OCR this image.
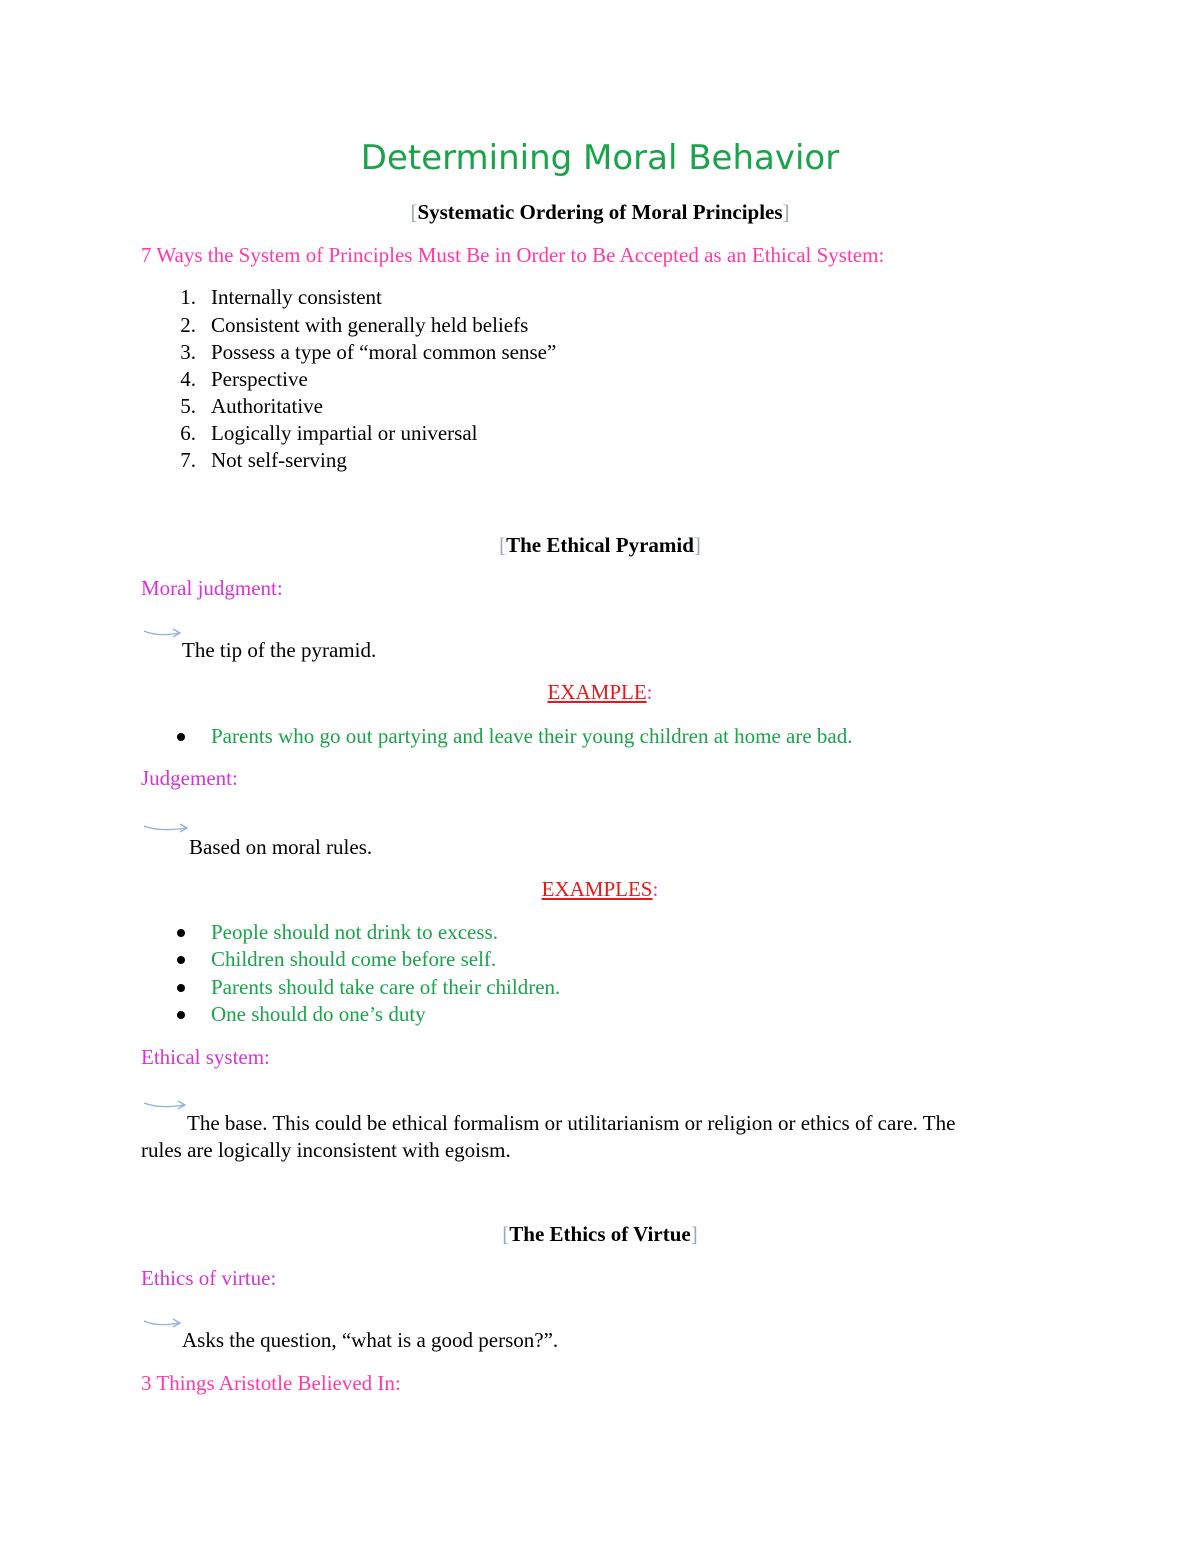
Determining Moral Behavior
[Systematic Ordering of Moral Principles]
7 Ways the System of Principles Must Be in Order to Be Accepted as an Ethical System:
1. Internally consistent
2. Consistent with generally held beliefs
3. Possess a type of “moral common sense”
4. Perspective
5. Authoritative
6. Logically impartial or universal
7. Not self-serving
[The Ethical Pyramid]
Moral judgment:
The tip of the pyramid.
EXAMPLE:
Parents who go out partying and leave their young children at home are bad.
Judgement:
Based on moral rules.
EXAMPLES:
People should not drink to excess.
Children should come before self.
Parents should take care of their children.
One should do one’s duty
Ethical system:
The base. This could be ethical formalism or utilitarianism or religion or ethics of care. The
rules are logically inconsistent with egoism.
[The Ethics of Virtue]
Ethics of virtue:
Asks the question, “what is a good person?”.
3 Things Aristotle Believed In:
